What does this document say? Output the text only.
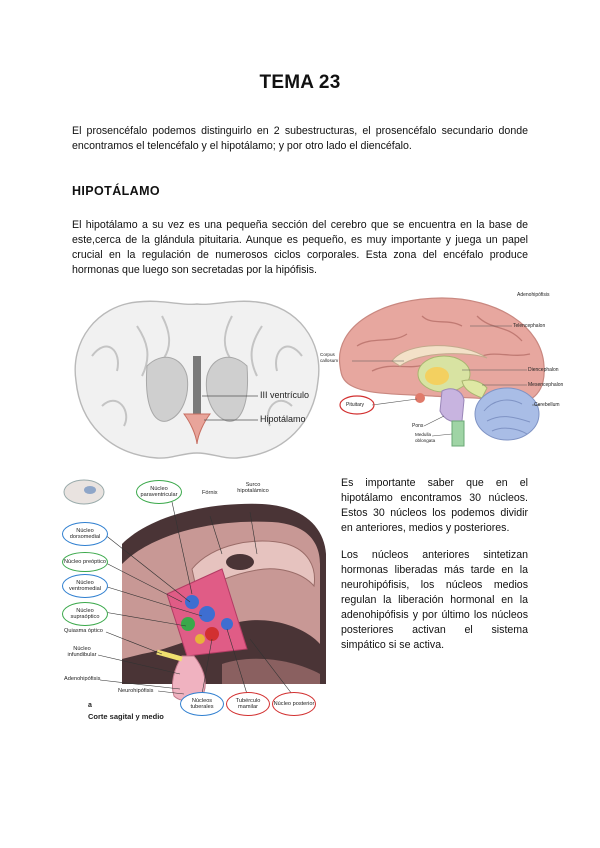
TEMA 23

El prosencéfalo podemos distinguirlo en 2 subestructuras, el prosencéfalo secundario donde encontramos el telencéfalo y el hipotálamo; y por otro lado el diencéfalo.

HIPOTÁLAMO

El hipotálamo a su vez es una pequeña sección del cerebro que se encuentra en la base de este,cerca de la glándula pituitaria. Aunque es pequeño, es muy importante y juega un papel crucial en la regulación de numerosos ciclos corporales. Esta zona del encéfalo produce hormonas que luego son secretadas por la hipófisis.

III ventrículo
Hipotálamo
Adenohipófisis
Telencephalon
Corpus callosum
Diencephalon
Mesencephalon
Cerebellum
Pituitary
Pons
Medulla oblongata
Núcleo paraventricular	Fórnix
Surco hipotalámico
Núcleo dorsomedial
Núcleo preóptico
Núcleo ventromedial
Núcleo supraóptico
Quiasma óptico
Núcleo infundibular
Adenohipófisis
Neurohipófisis
Núcleos tuberales
Tubérculo mamilar
Núcleo posterior
a
Corte sagital y medio

Es importante saber que en el hipotálamo encontramos 30 núcleos. Estos 30 núcleos los podemos dividir en anteriores, medios y posteriores.

Los núcleos anteriores sintetizan hormonas liberadas más tarde en la neurohipófisis, los núcleos medios regulan la liberación hormonal en la adenohipófisis y por último los núcleos posteriores activan el sistema simpático si se activa.
